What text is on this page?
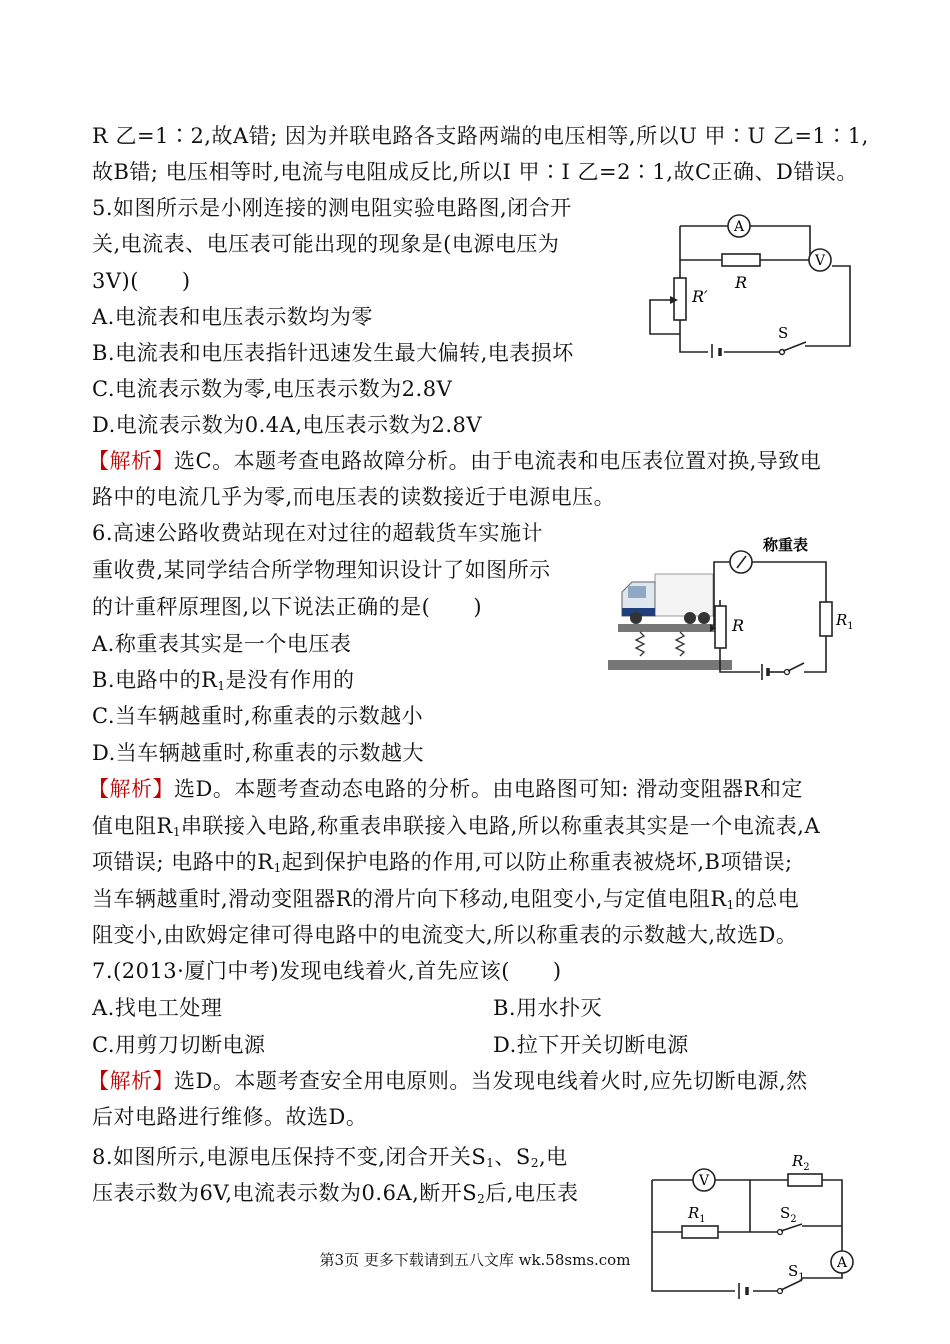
R 乙=1∶2,故A错; 因为并联电路各支路两端的电压相等,所以U 甲∶U 乙=1∶1,
故B错; 电压相等时,电流与电阻成反比,所以I 甲∶I 乙=2∶1,故C正确、D错误。
5.如图所示是小刚连接的测电阻实验电路图,闭合开
关,电流表、电压表可能出现的现象是(电源电压为
3V)(　　)
A.电流表和电压表示数均为零
B.电流表和电压表指针迅速发生最大偏转,电表损坏
C.电流表示数为零,电压表示数为2.8V
D.电流表示数为0.4A,电压表示数为2.8V
【解析】选C。本题考查电路故障分析。由于电流表和电压表位置对换,导致电
路中的电流几乎为零,而电压表的读数接近于电源电压。
A
R
V
R′
S
6.高速公路收费站现在对过往的超载货车实施计
重收费,某同学结合所学物理知识设计了如图所示
的计重秤原理图,以下说法正确的是(　　)
A.称重表其实是一个电压表
B.电路中的$R_1$是没有作用的
C.当车辆越重时,称重表的示数越小
D.当车辆越重时,称重表的示数越大
【解析】选D。本题考查动态电路的分析。由电路图可知: 滑动变阻器R和定
值电阻$R_1$串联接入电路,称重表串联接入电路,所以称重表其实是一个电流表,A
项错误; 电路中的$R_1$起到保护电路的作用,可以防止称重表被烧坏,B项错误;
当车辆越重时,滑动变阻器R的滑片向下移动,电阻变小,与定值电阻$R_1$的总电
阻变小,由欧姆定律可得电路中的电流变大,所以称重表的示数越大,故选D。
R
称重表
$R_1$
7.(2013·厦门中考)发现电线着火,首先应该(　　)
A.找电工处理	B.用水扑灭
C.用剪刀切断电源	D.拉下开关切断电源
【解析】选D。本题考查安全用电原则。当发现电线着火时,应先切断电源,然
后对电路进行维修。故选D。
8.如图所示,电源电压保持不变,闭合开关$S_1$、$S_2$,电
压表示数为6V,电流表示数为0.6A,断开$S_2$后,电压表	V
$R_2$
$R_1$	$S_2$
A
$S_1$
第3页 更多下载请到五八文库 wk.58sms.com
